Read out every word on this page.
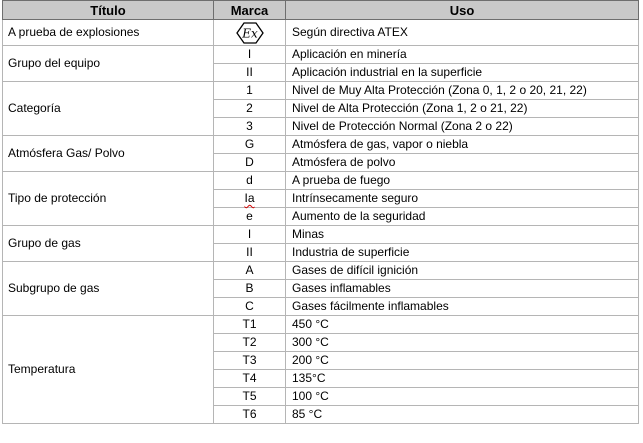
Título	Marca	Uso
A prueba de explosiones	Ex	Según directiva ATEX
Grupo del equipo	I	Aplicación en minería
	II	Aplicación industrial en la superficie
Categoría	1	Nivel de Muy Alta Protección (Zona 0, 1, 2 o 20, 21, 22)
	2	Nivel de Alta Protección (Zona 1, 2 o 21, 22)
	3	Nivel de Protección Normal (Zona 2 o 22)
Atmósfera Gas/ Polvo	G	Atmósfera de gas, vapor o niebla
	D	Atmósfera de polvo
Tipo de protección	d	A prueba de fuego
	Ia	Intrínsecamente seguro
	e	Aumento de la seguridad
Grupo de gas	I	Minas
	II	Industria de superficie
Subgrupo de gas	A	Gases de difícil ignición
	B	Gases inflamables
	C	Gases fácilmente inflamables
Temperatura	T1	450 °C
	T2	300 °C
	T3	200 °C
	T4	135°C
	T5	100 °C
	T6	85 °C
